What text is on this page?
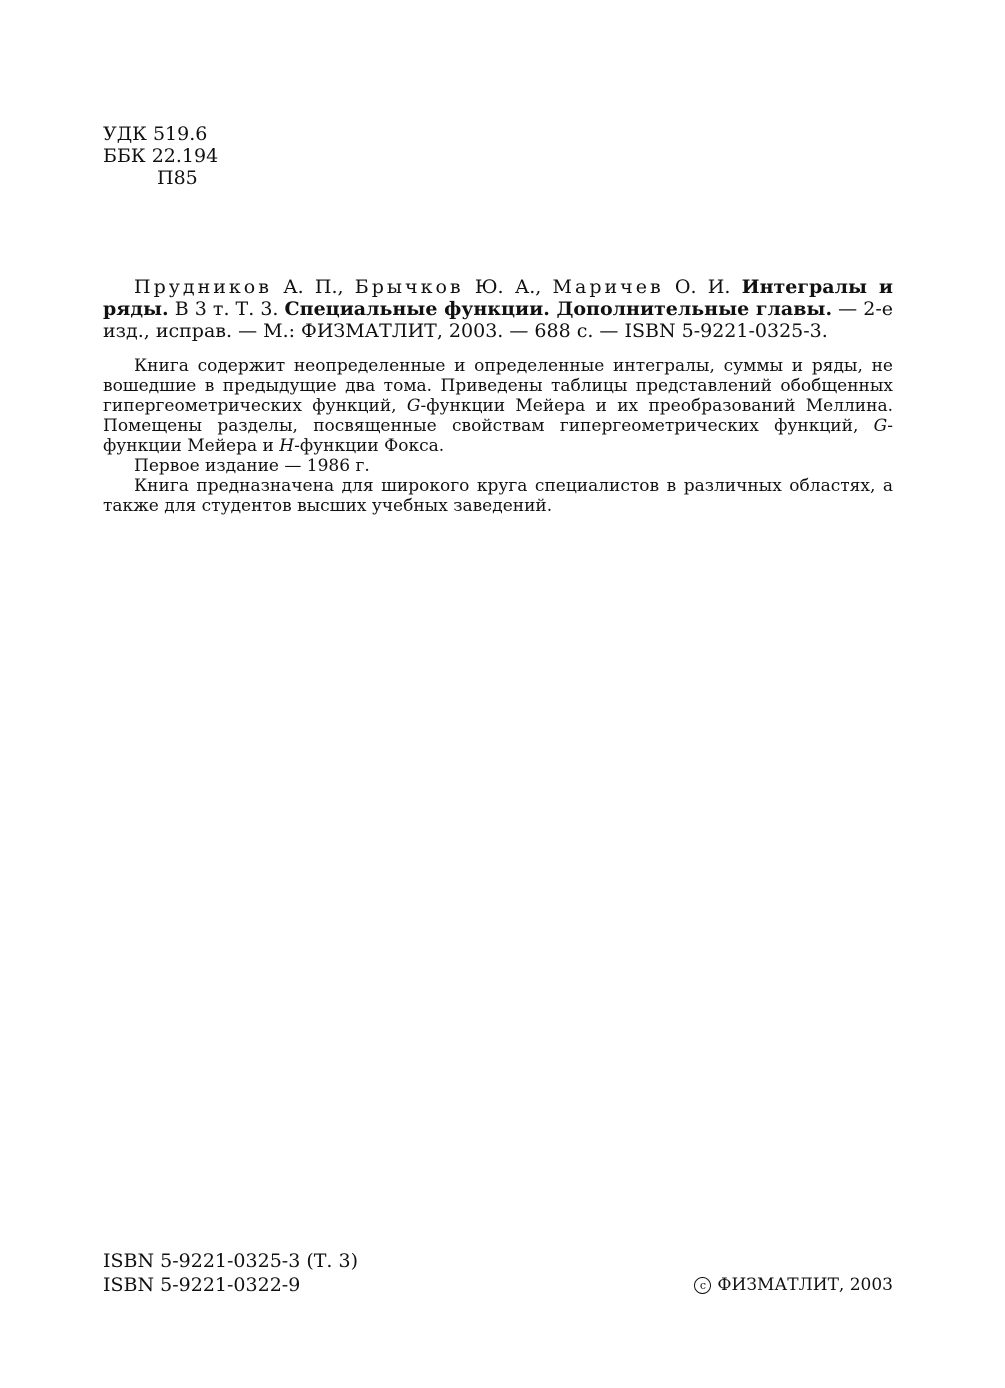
УДК 519.6
ББК 22.194
П85

Прудников А. П., Брычков Ю. А., Маричев О. И. Интегралы и ряды. В 3 т. Т. 3. Специальные функции. Дополнительные главы. — 2-е изд., исправ. — М.: ФИЗМАТЛИТ, 2003. — 688 с. — ISBN 5-9221-0325-3.

Книга содержит неопределенные и определенные интегралы, суммы и ряды, не вошедшие в предыдущие два тома. Приведены таблицы представлений обобщенных гипергеометрических функций, G-функции Мейера и их преобразований Меллина. Помещены разделы, посвященные свойствам гипергеометрических функций, G-функции Мейера и H-функции Фокса.

Первое издание — 1986 г.

Книга предназначена для широкого круга специалистов в различных областях, а также для студентов высших учебных заведений.

ISBN 5-9221-0325-3 (Т. 3)
ISBN 5-9221-0322-9	c ФИЗМАТЛИТ, 2003
